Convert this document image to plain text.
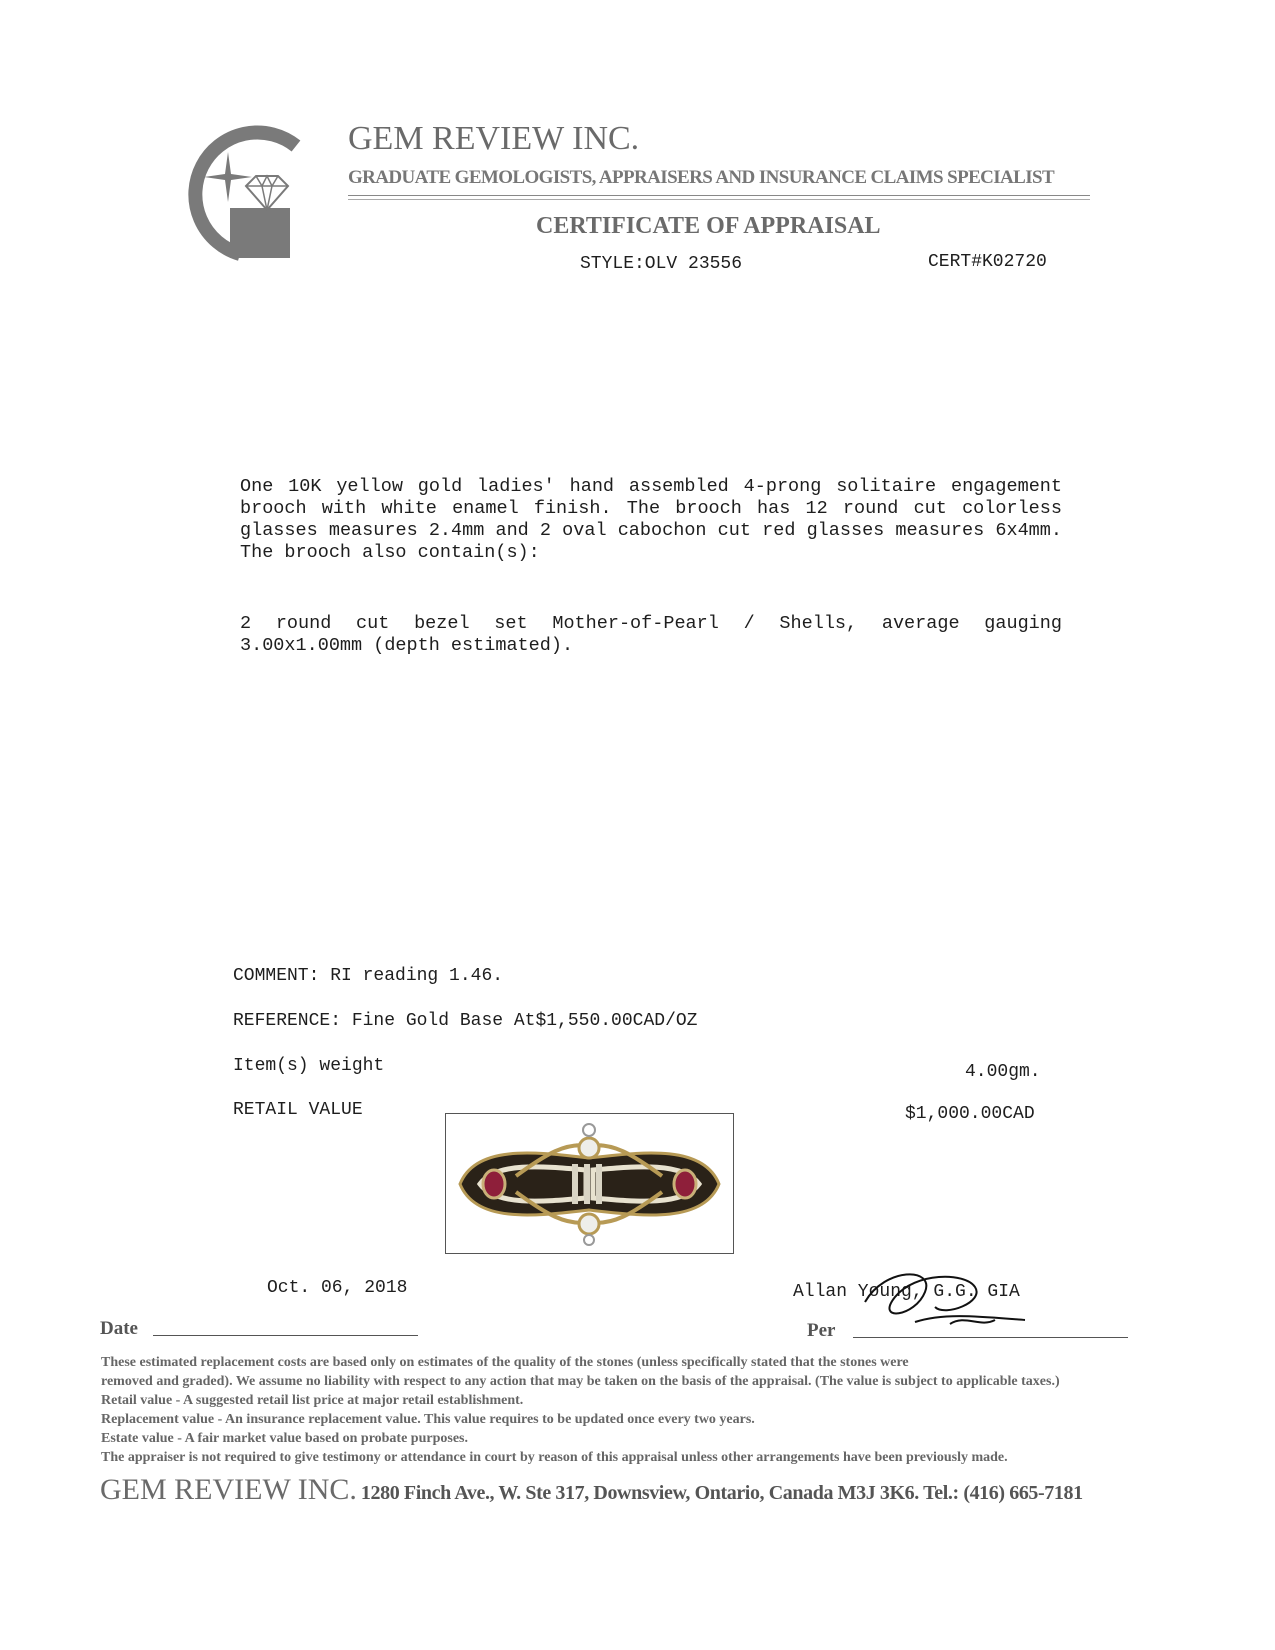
GEM REVIEW INC.
GRADUATE GEMOLOGISTS, APPRAISERS AND INSURANCE CLAIMS SPECIALIST
CERTIFICATE OF APPRAISAL
STYLE:OLV 23556	CERT#K02720
One 10K yellow gold ladies' hand assembled 4-prong solitaire engagement brooch with white enamel finish. The brooch has 12 round cut colorless glasses measures 2.4mm and 2 oval cabochon cut red glasses measures 6x4mm. The brooch also contain(s):
2 round cut bezel set Mother-of-Pearl / Shells, average gauging 3.00x1.00mm (depth estimated).
COMMENT: RI reading 1.46.
REFERENCE: Fine Gold Base At$1,550.00CAD/OZ
Item(s) weight	4.00gm.
RETAIL VALUE	$1,000.00CAD
Oct. 06, 2018
Date
Allan Young, G.G. GIA
Per
These estimated replacement costs are based only on estimates of the quality of the stones (unless specifically stated that the stones were
removed and graded). We assume no liability with respect to any action that may be taken on the basis of the appraisal. (The value is subject to applicable taxes.)
Retail value - A suggested retail list price at major retail establishment.
Replacement value - An insurance replacement value. This value requires to be updated once every two years.
Estate value - A fair market value based on probate purposes.
The appraiser is not required to give testimony or attendance in court by reason of this appraisal unless other arrangements have been previously made.
GEM REVIEW INC. 1280 Finch Ave., W. Ste 317, Downsview, Ontario, Canada M3J 3K6. Tel.: (416) 665-7181
